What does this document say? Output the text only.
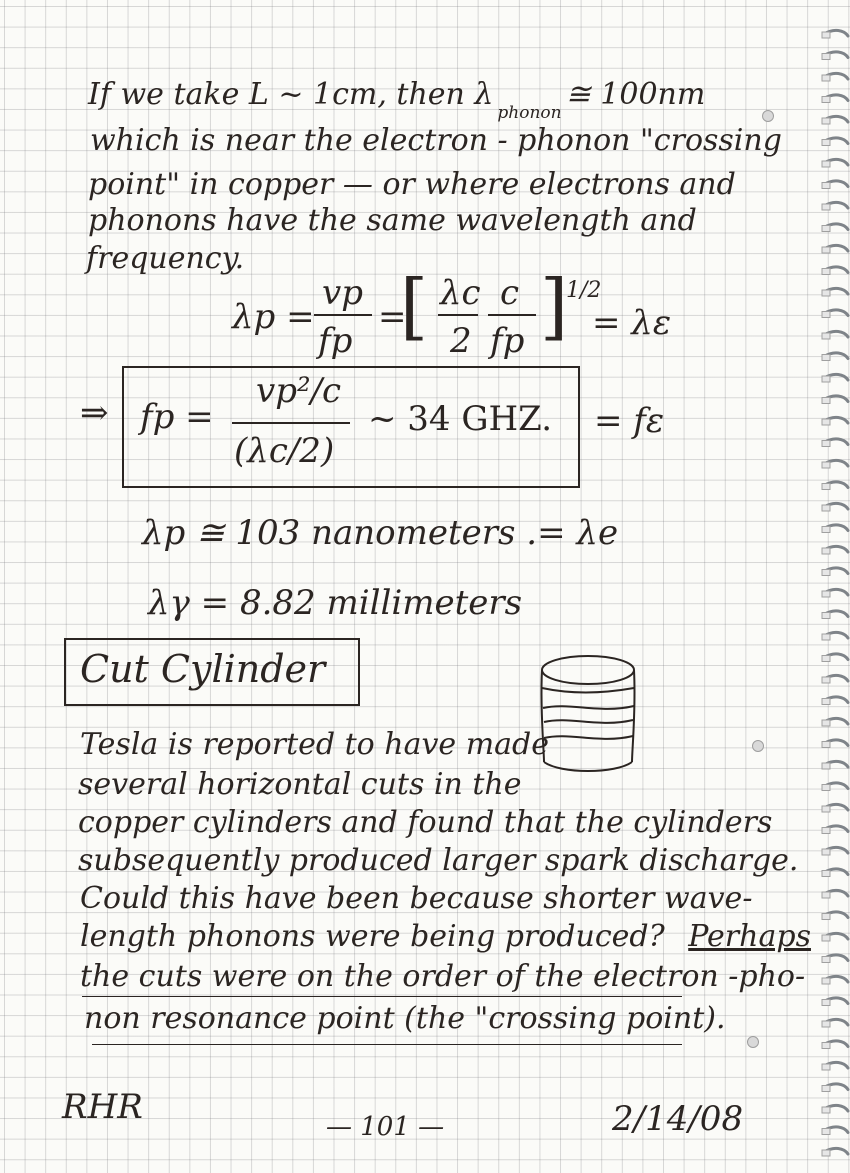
If we take L ~ 1cm, then $\lambda_{phonon}≅$ 100nm
which is near the electron - phonon "crossing
point" in copper — or where electrons and
phonons have the same wavelength and
frequency.
λp =
vp
fp
=
[ λc
2
c
fp ]
1/2
= λε
⇒ fp =
vp²/c
(λc/2)
~ 34 GHZ. = fε
λp ≅ 103 nanometers .= λe
λγ = 8.82 millimeters
Cut Cylinder
Tesla is reported to have made
several horizontal cuts in the
copper cylinders and found that the cylinders
subsequently produced larger spark discharge.
Could this have been because shorter wave-
length phonons were being produced? Perhaps
the cuts were on the order of the electron -pho-
non resonance point (the "crossing point).
RHR	— 101 —	2/14/08
